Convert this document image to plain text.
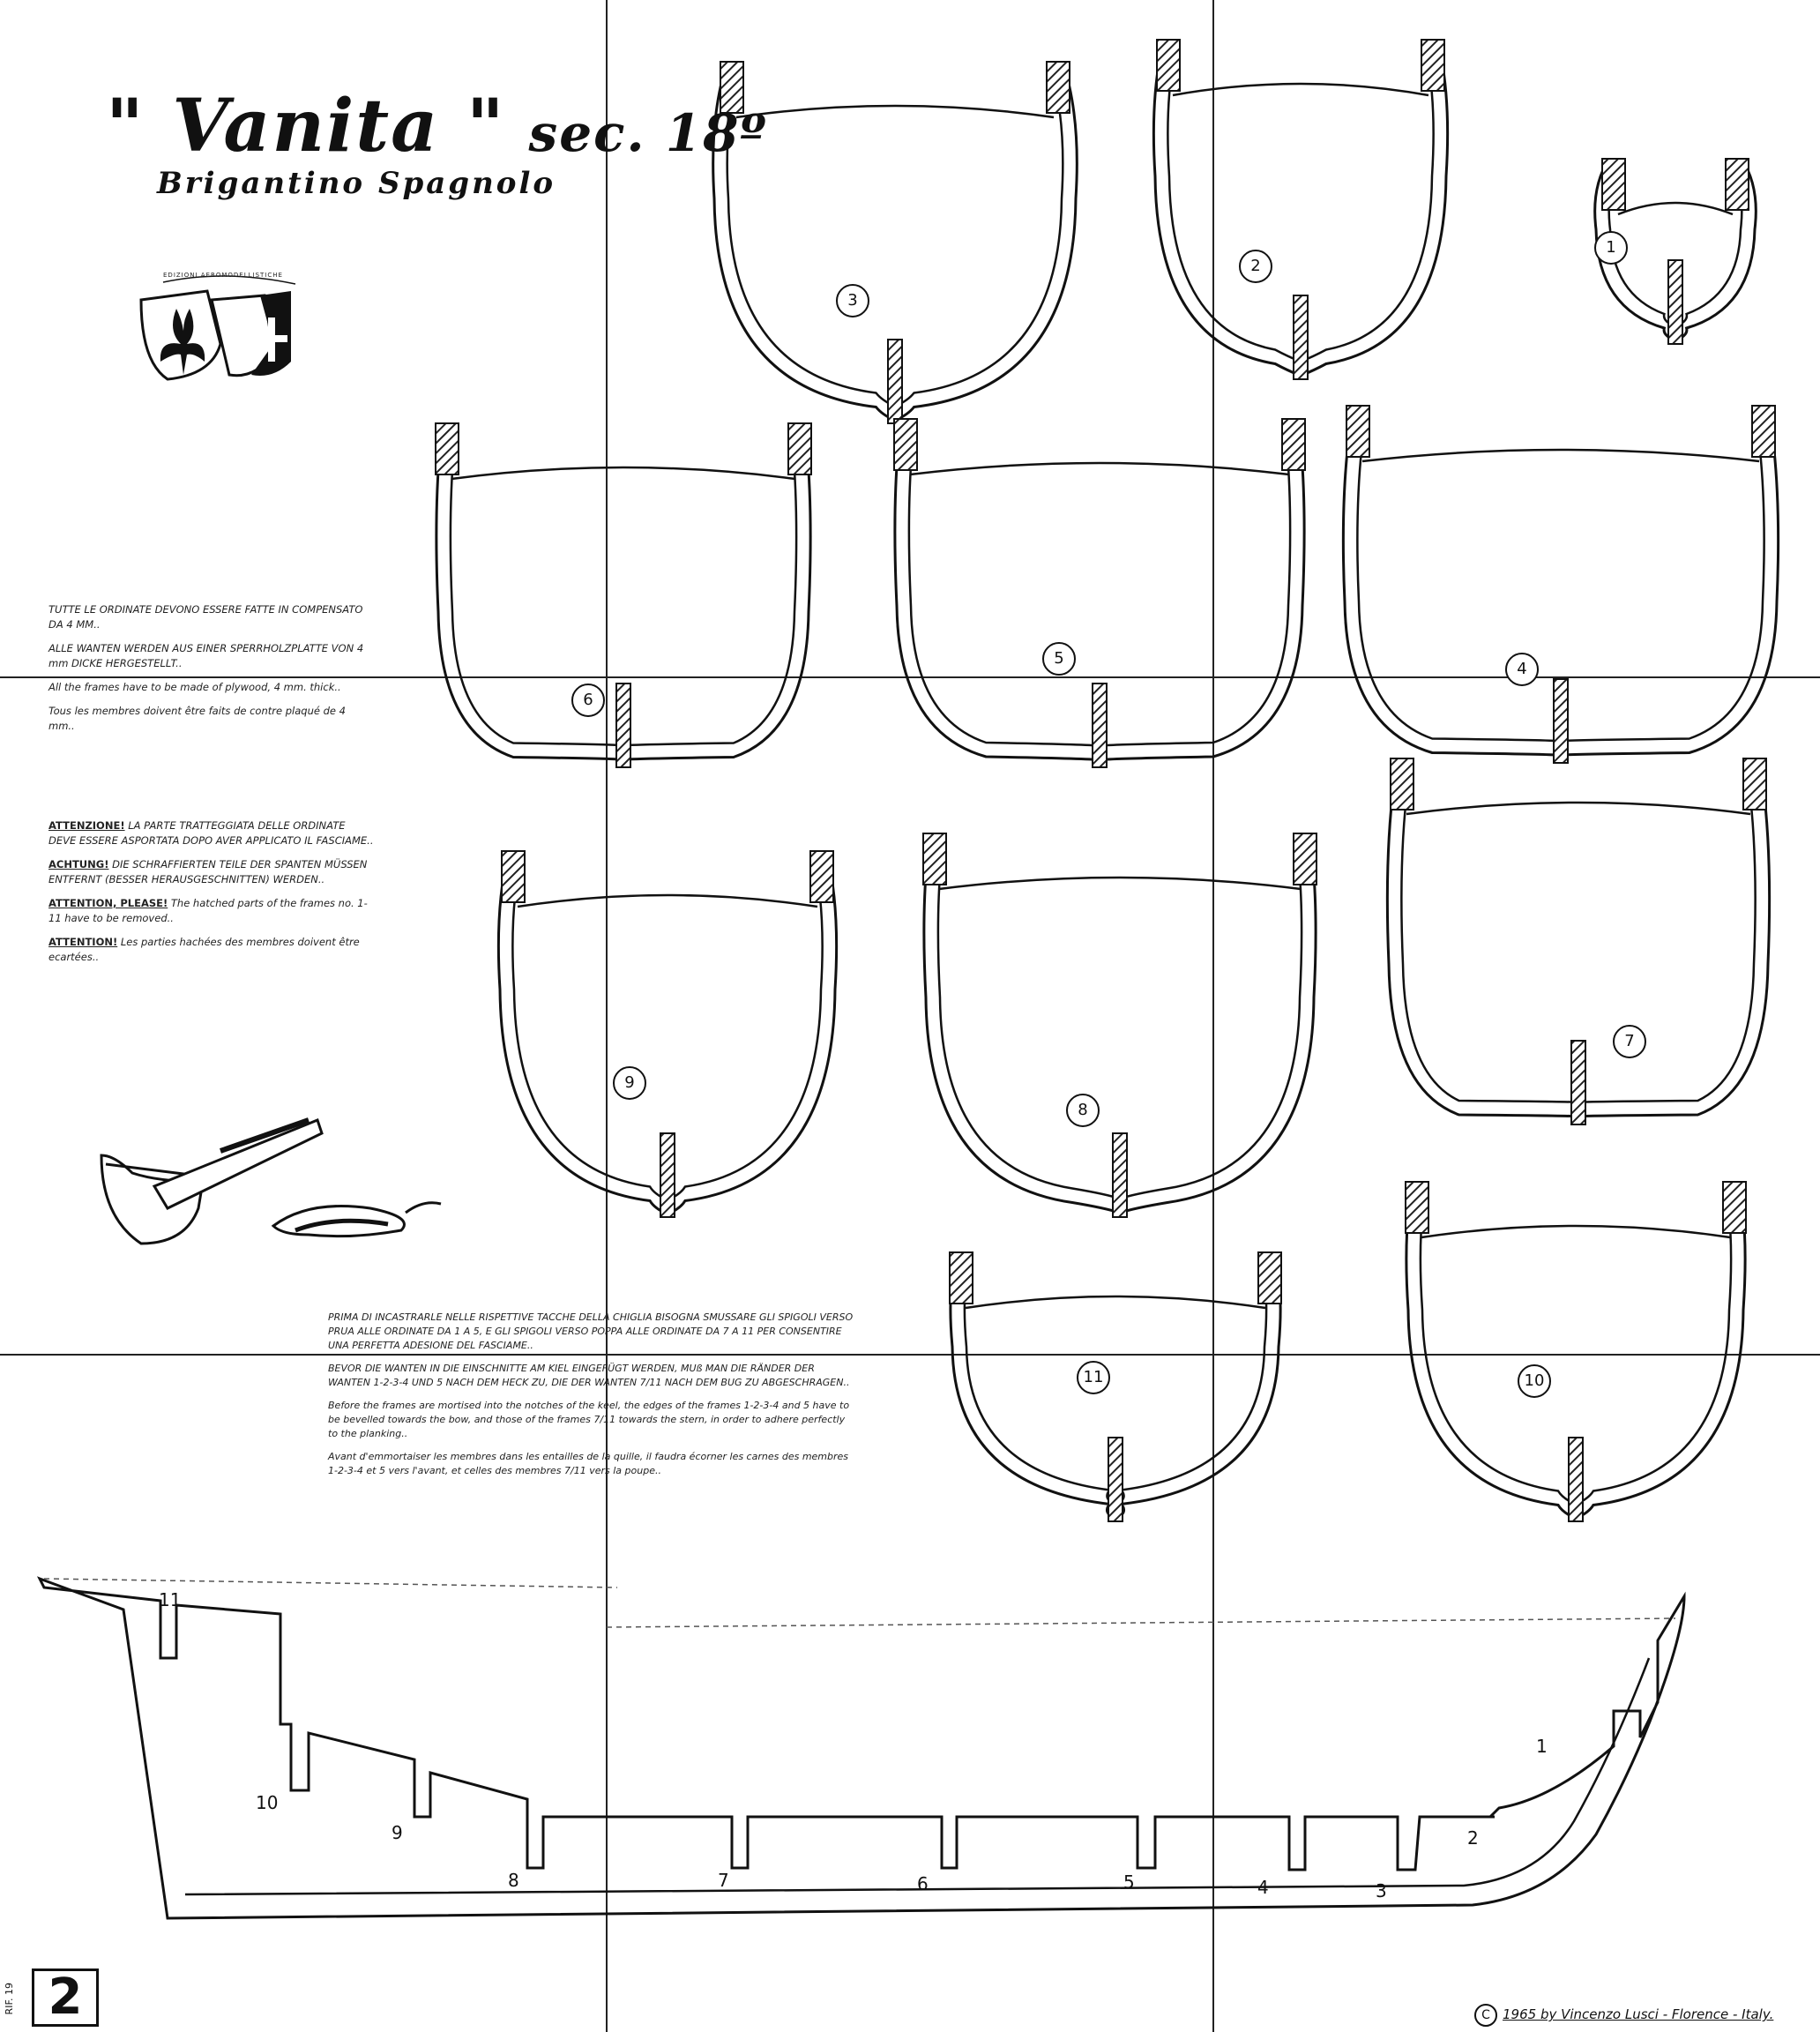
" Vanita " sec. 18º
Brigantino Spagnolo
EDIZIONI AEROMODELLISTICHE

TUTTE LE ORDINATE DEVONO ESSERE FATTE IN COMPENSATO DA 4 MM..

ALLE WANTEN WERDEN AUS EINER SPERRHOLZPLATTE VON 4 mm DICKE HERGESTELLT..

All the frames have to be made of plywood, 4 mm. thick..

Tous les membres doivent être faits de contre plaqué de 4 mm..

ATTENZIONE! LA PARTE TRATTEGGIATA DELLE ORDINATE DEVE ESSERE ASPORTATA DOPO AVER APPLICATO IL FASCIAME..

ACHTUNG! DIE SCHRAFFIERTEN TEILE DER SPANTEN MÜSSEN ENTFERNT (BESSER HERAUSGESCHNITTEN) WERDEN..

ATTENTION, PLEASE! The hatched parts of the frames no. 1-11 have to be removed..

ATTENTION! Les parties hachées des membres doivent être ecartées..

PRIMA DI INCASTRARLE NELLE RISPETTIVE TACCHE DELLA CHIGLIA BISOGNA SMUSSARE GLI SPIGOLI VERSO PRUA ALLE ORDINATE DA 1 A 5, E GLI SPIGOLI VERSO POPPA ALLE ORDINATE DA 7 A 11 PER CONSENTIRE UNA PERFETTA ADESIONE DEL FASCIAME..

BEVOR DIE WANTEN IN DIE EINSCHNITTE AM KIEL EINGEFÜGT WERDEN, MUß MAN DIE RÄNDER DER WANTEN 1-2-3-4 UND 5 NACH DEM HECK ZU, DIE DER WANTEN 7/11 NACH DEM BUG ZU ABGESCHRAGEN..

Before the frames are mortised into the notches of the keel, the edges of the frames 1-2-3-4 and 5 have to be bevelled towards the bow, and those of the frames 7/11 towards the stern, in order to adhere perfectly to the planking..

Avant d'emmortaiser les membres dans les entailles de la quille, il faudra écorner les carnes des membres 1-2-3-4 et 5 vers l'avant, et celles des membres 7/11 vers la poupe..

1
2
3
4
5
6
7
8
9
10
11
11
10
9
8	7	6	5	4	3
2
1
RIF. 19 2	C 1965 by Vincenzo Lusci - Florence - Italy.
